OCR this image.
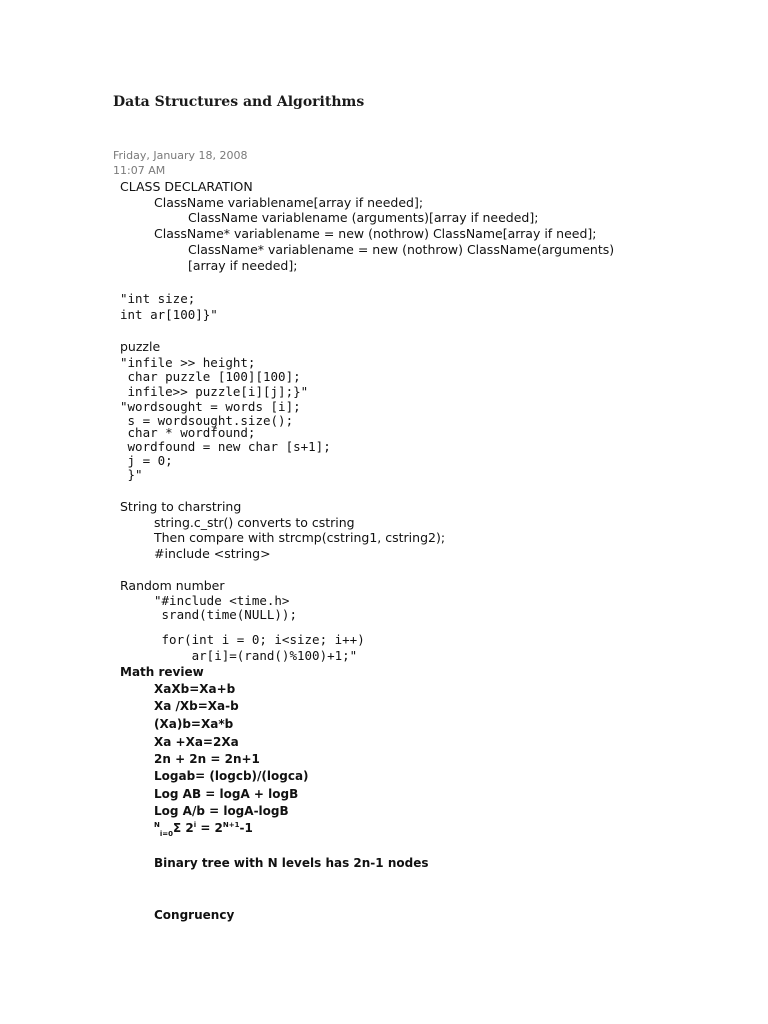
Data Structures and Algorithms
Friday, January 18, 2008
11:07 AM
CLASS DECLARATION
ClassName variablename[array if needed];
ClassName variablename (arguments)[array if needed];
ClassName* variablename = new (nothrow) ClassName[array if need];
ClassName* variablename = new (nothrow) ClassName(arguments)
[array if needed];
"int size;
int ar[100]}"
puzzle
"infile >> height;
char puzzle [100][100];
infile>> puzzle[i][j];}"
"wordsought = words [i];
s = wordsought.size();
char * wordfound;
wordfound = new char [s+1];
j = 0;
}"
String to charstring
string.c_str() converts to cstring
Then compare with strcmp(cstring1, cstring2);
#include <string>
Random number
"#include <time.h>
srand(time(NULL));
for(int i = 0; i<size; i++)
ar[i]=(rand()%100)+1;"
Math review
XaXb=Xa+b
Xa /Xb=Xa-b
(Xa)b=Xa*b
Xa +Xa=2Xa
2n + 2n = 2n+1
Logab= (logcb)/(logca)
Log AB = logA + logB
Log A/b = logA-logB
$^N_{i=0}$Σ $2^i = 2^{N+1}-1$
Binary tree with N levels has 2n-1 nodes
Congruency
